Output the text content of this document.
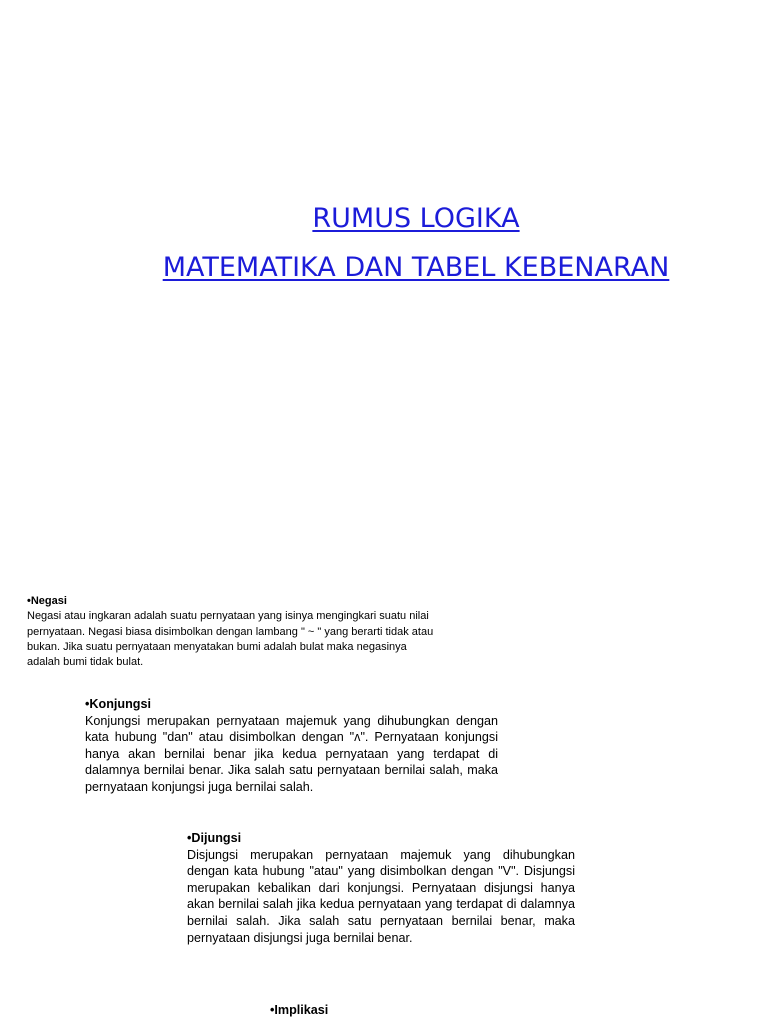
RUMUS LOGIKA
MATEMATIKA DAN TABEL KEBENARAN
•Negasi
Negasi atau ingkaran adalah suatu pernyataan yang isinya mengingkari suatu nilai pernyataan. Negasi biasa disimbolkan dengan lambang " ~ " yang berarti tidak atau bukan. Jika suatu pernyataan menyatakan bumi adalah bulat maka negasinya adalah bumi tidak bulat.
•Konjungsi
Konjungsi merupakan pernyataan majemuk yang dihubungkan dengan kata hubung "dan" atau disimbolkan dengan "ʌ". Pernyataan konjungsi hanya akan bernilai benar jika kedua pernyataan yang terdapat di dalamnya bernilai benar. Jika salah satu pernyataan bernilai salah, maka pernyataan konjungsi juga bernilai salah.
•Dijungsi
Disjungsi merupakan pernyataan majemuk yang dihubungkan dengan kata hubung "atau" yang disimbolkan dengan "V". Disjungsi merupakan kebalikan dari konjungsi. Pernyataan disjungsi hanya akan bernilai salah jika kedua pernyataan yang terdapat di dalamnya bernilai salah. Jika salah satu pernyataan bernilai benar, maka pernyataan disjungsi juga bernilai benar.
•Implikasi
